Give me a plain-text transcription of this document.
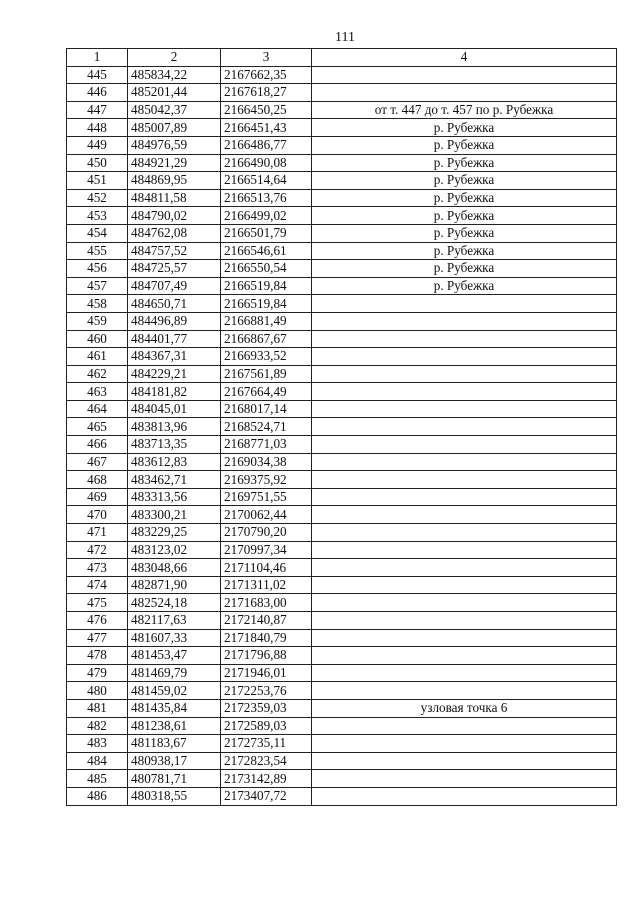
111
1	2	3	4
445	485834,22	2167662,35	
446	485201,44	2167618,27	
447	485042,37	2166450,25	от т. 447 до т. 457 по р. Рубежка
448	485007,89	2166451,43	р. Рубежка
449	484976,59	2166486,77	р. Рубежка
450	484921,29	2166490,08	р. Рубежка
451	484869,95	2166514,64	р. Рубежка
452	484811,58	2166513,76	р. Рубежка
453	484790,02	2166499,02	р. Рубежка
454	484762,08	2166501,79	р. Рубежка
455	484757,52	2166546,61	р. Рубежка
456	484725,57	2166550,54	р. Рубежка
457	484707,49	2166519,84	р. Рубежка
458	484650,71	2166519,84	
459	484496,89	2166881,49	
460	484401,77	2166867,67	
461	484367,31	2166933,52	
462	484229,21	2167561,89	
463	484181,82	2167664,49	
464	484045,01	2168017,14	
465	483813,96	2168524,71	
466	483713,35	2168771,03	
467	483612,83	2169034,38	
468	483462,71	2169375,92	
469	483313,56	2169751,55	
470	483300,21	2170062,44	
471	483229,25	2170790,20	
472	483123,02	2170997,34	
473	483048,66	2171104,46	
474	482871,90	2171311,02	
475	482524,18	2171683,00	
476	482117,63	2172140,87	
477	481607,33	2171840,79	
478	481453,47	2171796,88	
479	481469,79	2171946,01	
480	481459,02	2172253,76	
481	481435,84	2172359,03	узловая точка 6
482	481238,61	2172589,03	
483	481183,67	2172735,11	
484	480938,17	2172823,54	
485	480781,71	2173142,89	
486	480318,55	2173407,72	
